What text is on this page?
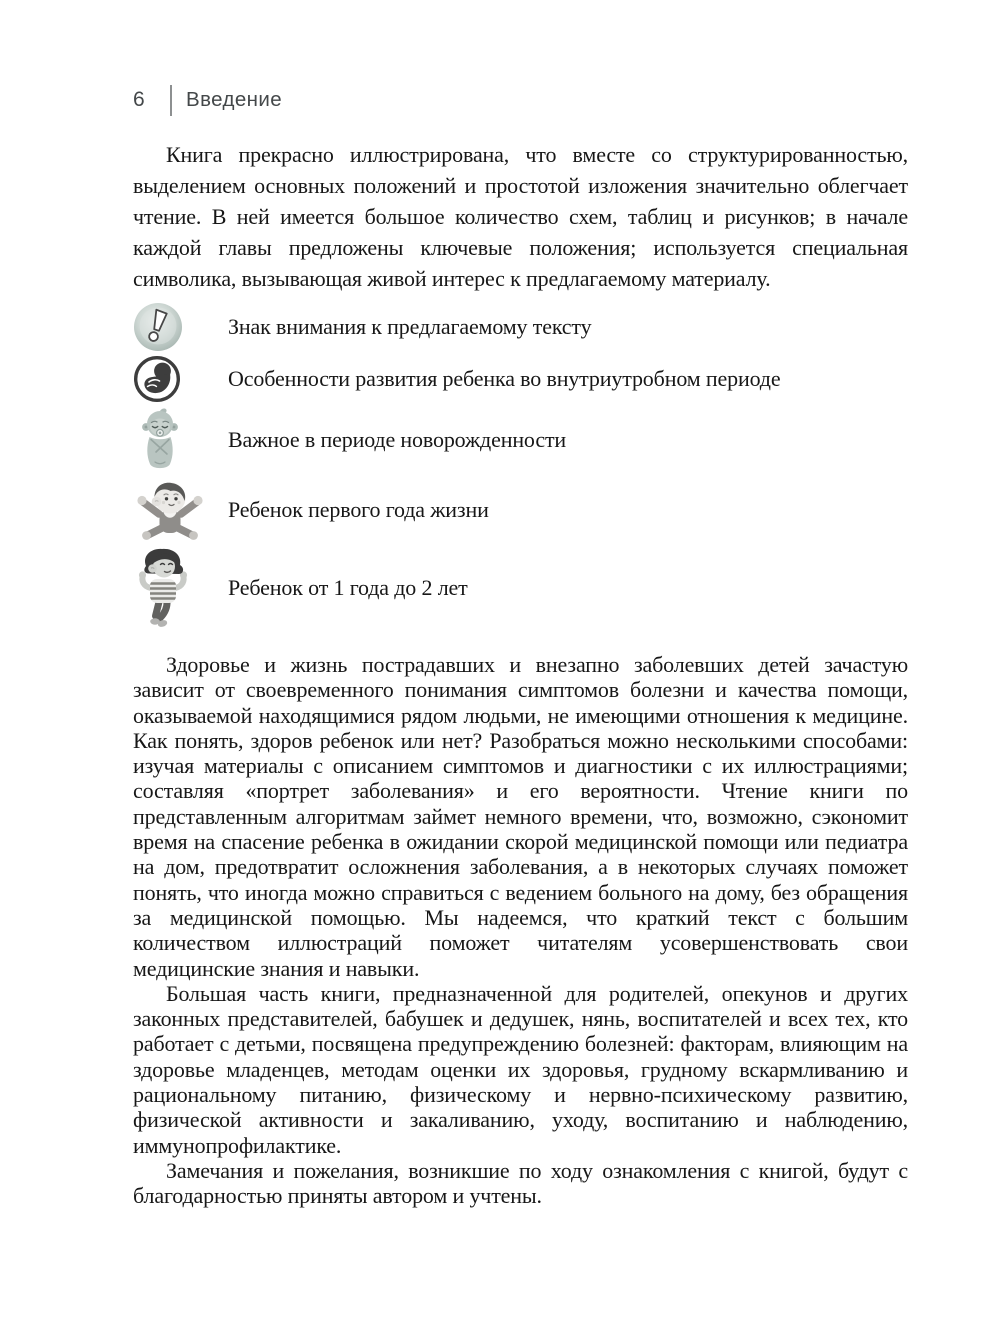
6 Введение

Книга прекрасно иллюстрирована, что вместе со структурированностью, выделением основных положений и простотой изложения значительно облегчает чтение. В ней имеется большое количество схем, таблиц и рисунков; в начале каждой главы предложены ключевые положения; используется специальная символика, вызывающая живой интерес к предлагаемому материалу.

Знак внимания к предлагаемому тексту
Особенности развития ребенка во внутриутробном периоде
Важное в периоде новорожденности
Ребенок первого года жизни
Ребенок от 1 года до 2 лет

Здоровье и жизнь пострадавших и внезапно заболевших детей зачастую зависит от своевременного понимания симптомов болезни и качества помощи, оказываемой находящимися рядом людьми, не имеющими отношения к медицине. Как понять, здоров ребенок или нет? Разобраться можно несколькими способами: изучая материалы с описанием симптомов и диагностики с их иллюстрациями; составляя «портрет заболевания» и его вероятности. Чтение книги по представленным алгоритмам займет немного времени, что, возможно, сэкономит время на спасение ребенка в ожидании скорой медицинской помощи или педиатра на дом, предотвратит осложнения заболевания, а в некоторых случаях поможет понять, что иногда можно справиться с ведением больного на дому, без обращения за медицинской помощью. Мы надеемся, что краткий текст с большим количеством иллюстраций поможет читателям усовершенствовать свои медицинские знания и навыки.

Большая часть книги, предназначенной для родителей, опекунов и других законных представителей, бабушек и дедушек, нянь, воспитателей и всех тех, кто работает с детьми, посвящена предупреждению болезней: факторам, влияющим на здоровье младенцев, методам оценки их здоровья, грудному вскармливанию и рациональному питанию, физическому и нервно-психическому развитию, физической активности и закаливанию, уходу, воспитанию и наблюдению, иммунопрофилактике.

Замечания и пожелания, возникшие по ходу ознакомления с книгой, будут с благодарностью приняты автором и учтены.
